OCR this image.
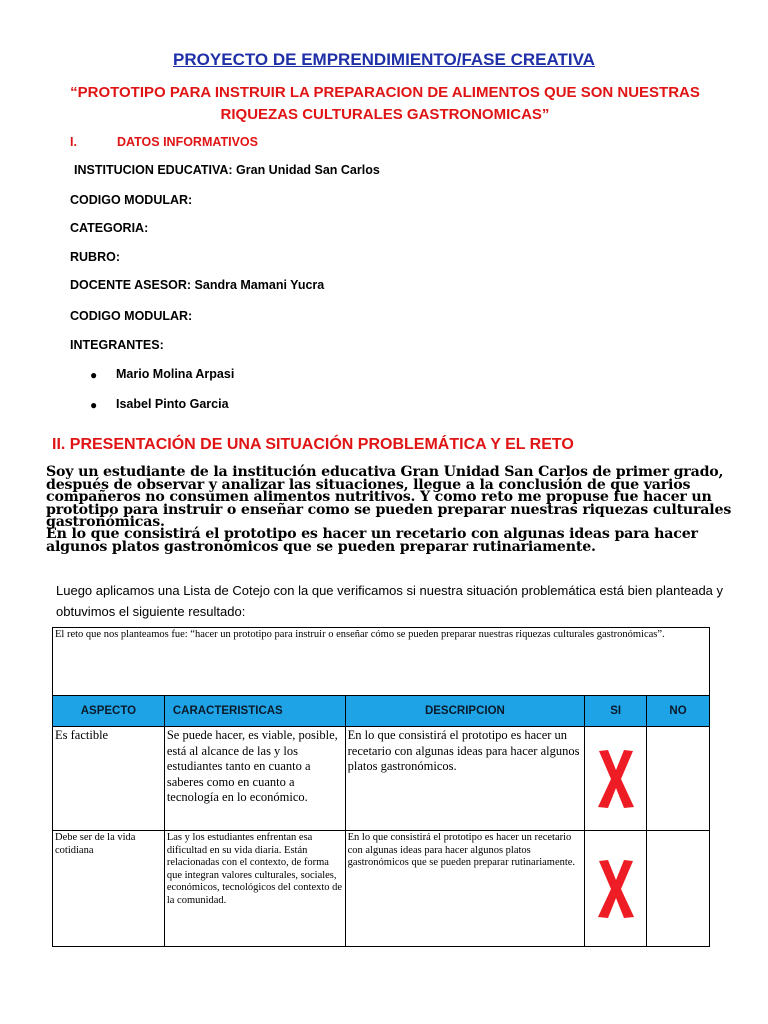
PROYECTO DE EMPRENDIMIENTO/FASE CREATIVA
“PROTOTIPO PARA INSTRUIR LA PREPARACION DE ALIMENTOS QUE SON NUESTRAS
RIQUEZAS CULTURALES GASTRONOMICAS”
I.	DATOS INFORMATIVOS
INSTITUCION EDUCATIVA: Gran Unidad San Carlos
CODIGO MODULAR:
CATEGORIA:
RUBRO:
DOCENTE ASESOR: Sandra Mamani Yucra
CODIGO MODULAR:
INTEGRANTES:
● Mario Molina Arpasi
● Isabel Pinto Garcia
II. PRESENTACIÓN DE UNA SITUACIÓN PROBLEMÁTICA Y EL RETO
Soy un estudiante de la institución educativa Gran Unidad San Carlos de primer grado, después de observar y analizar las situaciones, llegue a la conclusión de que varios compañeros no consumen alimentos nutritivos. Y como reto me propuse fue hacer un prototipo para instruir o enseñar como se pueden preparar nuestras riquezas culturales gastronómicas.
En lo que consistirá el prototipo es hacer un recetario con algunas ideas para hacer algunos platos gastronómicos que se pueden preparar rutinariamente.
Luego aplicamos una Lista de Cotejo con la que verificamos si nuestra situación problemática está bien planteada y obtuvimos el siguiente resultado:
El reto que nos planteamos fue: “hacer un prototipo para instruir o enseñar cómo se pueden preparar nuestras riquezas culturales gastronómicas”.				
ASPECTO	CARACTERISTICAS	DESCRIPCION	SI	NO
Es factible	Se puede hacer, es viable, posible, está al alcance de las y los estudiantes tanto en cuanto a saberes como en cuanto a tecnología en lo económico.	En lo que consistirá el prototipo es hacer un recetario con algunas ideas para hacer algunos platos gastronómicos.	

Debe ser de la vida cotidiana	Las y los estudiantes enfrentan esa dificultad en su vida diaria. Están relacionadas con el contexto, de forma que integran valores culturales, sociales, económicos, tecnológicos del contexto de la comunidad.	En lo que consistirá el prototipo es hacer un recetario con algunas ideas para hacer algunos platos gastronómicos que se pueden preparar rutinariamente.	
